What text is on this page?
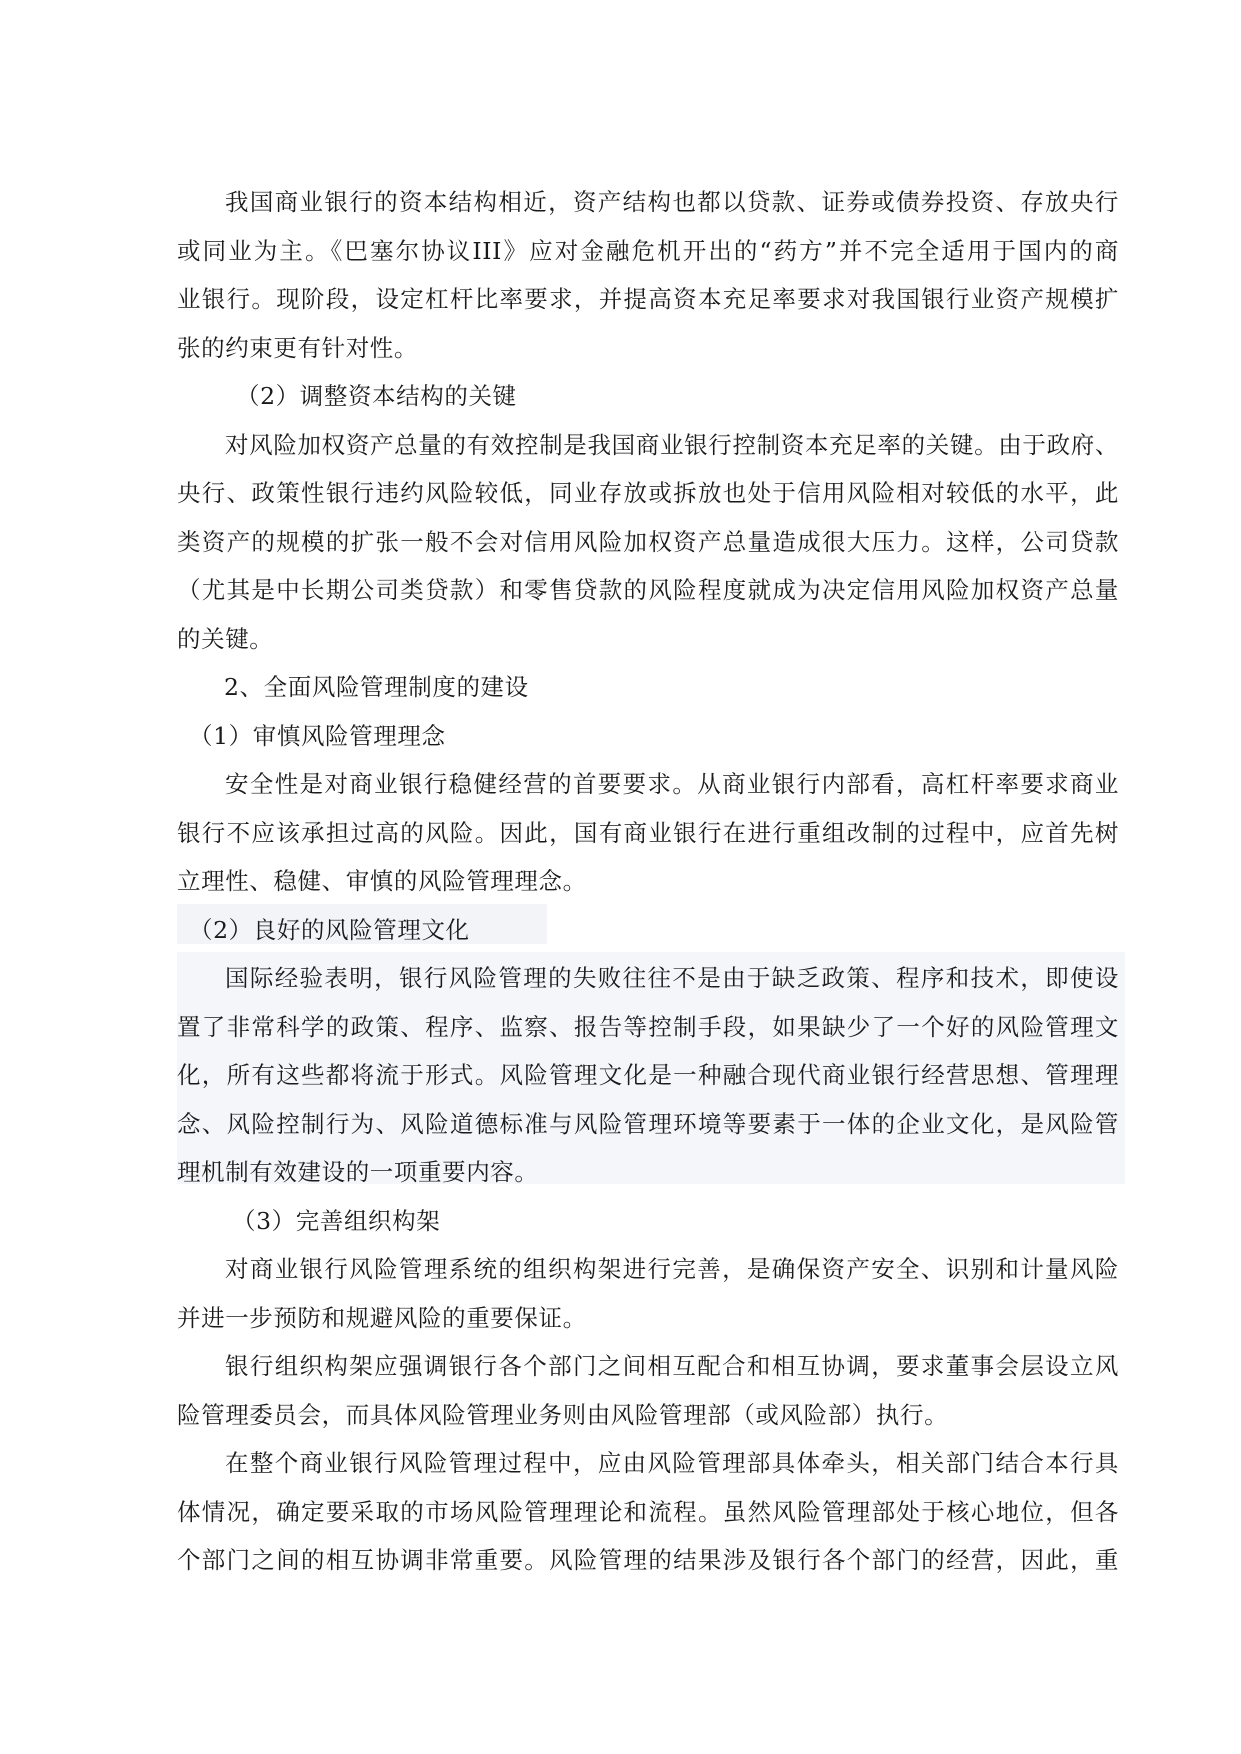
我国商业银行的资本结构相近，资产结构也都以贷款、证券或债券投资、存放央行
或同业为主。《巴塞尔协议III》应对金融危机开出的“药方”并不完全适用于国内的商
业银行。现阶段，设定杠杆比率要求，并提高资本充足率要求对我国银行业资产规模扩
张的约束更有针对性。
（2）调整资本结构的关键
对风险加权资产总量的有效控制是我国商业银行控制资本充足率的关键。由于政府、
央行、政策性银行违约风险较低，同业存放或拆放也处于信用风险相对较低的水平，此
类资产的规模的扩张一般不会对信用风险加权资产总量造成很大压力。这样，公司贷款
（尤其是中长期公司类贷款）和零售贷款的风险程度就成为决定信用风险加权资产总量
的关键。
2、全面风险管理制度的建设
（1）审慎风险管理理念
安全性是对商业银行稳健经营的首要要求。从商业银行内部看，高杠杆率要求商业
银行不应该承担过高的风险。因此，国有商业银行在进行重组改制的过程中，应首先树
立理性、稳健、审慎的风险管理理念。
（2）良好的风险管理文化
国际经验表明，银行风险管理的失败往往不是由于缺乏政策、程序和技术，即使设
置了非常科学的政策、程序、监察、报告等控制手段，如果缺少了一个好的风险管理文
化，所有这些都将流于形式。风险管理文化是一种融合现代商业银行经营思想、管理理
念、风险控制行为、风险道德标准与风险管理环境等要素于一体的企业文化，是风险管
理机制有效建设的一项重要内容。
（3）完善组织构架
对商业银行风险管理系统的组织构架进行完善，是确保资产安全、识别和计量风险
并进一步预防和规避风险的重要保证。
银行组织构架应强调银行各个部门之间相互配合和相互协调，要求董事会层设立风
险管理委员会，而具体风险管理业务则由风险管理部（或风险部）执行。
在整个商业银行风险管理过程中，应由风险管理部具体牵头，相关部门结合本行具
体情况，确定要采取的市场风险管理理论和流程。虽然风险管理部处于核心地位，但各
个部门之间的相互协调非常重要。风险管理的结果涉及银行各个部门的经营，因此，重
